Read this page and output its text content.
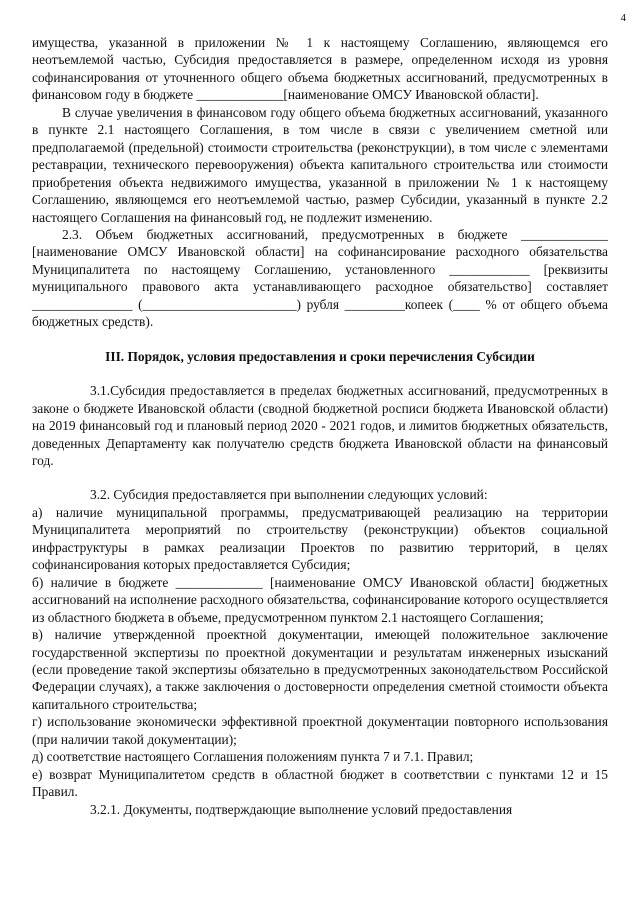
4

имущества, указанной в приложении № 1 к настоящему Соглашению, являющемся его неотъемлемой частью, Субсидия предоставляется в размере, определенном исходя из уровня софинансирования от уточненного общего объема бюджетных ассигнований, предусмотренных в финансовом году в бюджете _____________[наименование ОМСУ Ивановской области].

В случае увеличения в финансовом году общего объема бюджетных ассигнований, указанного в пункте 2.1 настоящего Соглашения, в том числе в связи с увеличением сметной или предполагаемой (предельной) стоимости строительства (реконструкции), в том числе с элементами реставрации, технического перевооружения) объекта капитального строительства или стоимости приобретения объекта недвижимого имущества, указанной в приложении № 1 к настоящему Соглашению, являющемся его неотъемлемой частью, размер Субсидии, указанный в пункте 2.2 настоящего Соглашения на финансовый год, не подлежит изменению.

2.3. Объем бюджетных ассигнований, предусмотренных в бюджете _____________ [наименование ОМСУ Ивановской области] на софинансирование расходного обязательства Муниципалитета по настоящему Соглашению, установленного ____________ [реквизиты муниципального правового акта устанавливающего расходное обязательство] составляет _______________ (_______________________) рубля _________копеек (____ % от общего объема бюджетных средств).

III. Порядок, условия предоставления и сроки перечисления Субсидии

3.1.Субсидия предоставляется в пределах бюджетных ассигнований, предусмотренных в законе о бюджете Ивановской области (сводной бюджетной росписи бюджета Ивановской области) на 2019 финансовый год и плановый период 2020 - 2021 годов, и лимитов бюджетных обязательств, доведенных Департаменту как получателю средств бюджета Ивановской области на финансовый год.

3.2. Субсидия предоставляется при выполнении следующих условий:

а) наличие муниципальной программы, предусматривающей реализацию на территории Муниципалитета мероприятий по строительству (реконструкции) объектов социальной инфраструктуры в рамках реализации Проектов по развитию территорий, в целях софинансирования которых предоставляется Субсидия;

б) наличие в бюджете _____________ [наименование ОМСУ Ивановской области] бюджетных ассигнований на исполнение расходного обязательства, софинансирование которого осуществляется из областного бюджета в объеме, предусмотренном пунктом 2.1 настоящего Соглашения;

в) наличие утвержденной проектной документации, имеющей положительное заключение государственной экспертизы по проектной документации и результатам инженерных изысканий (если проведение такой экспертизы обязательно в предусмотренных законодательством Российской Федерации случаях), а также заключения о достоверности определения сметной стоимости объекта капитального строительства;

г) использование экономически эффективной проектной документации повторного использования (при наличии такой документации);

д) соответствие настоящего Соглашения положениям пункта 7 и 7.1. Правил;

е) возврат Муниципалитетом средств в областной бюджет в соответствии с пунктами 12 и 15 Правил.

3.2.1. Документы, подтверждающие выполнение условий предоставления
